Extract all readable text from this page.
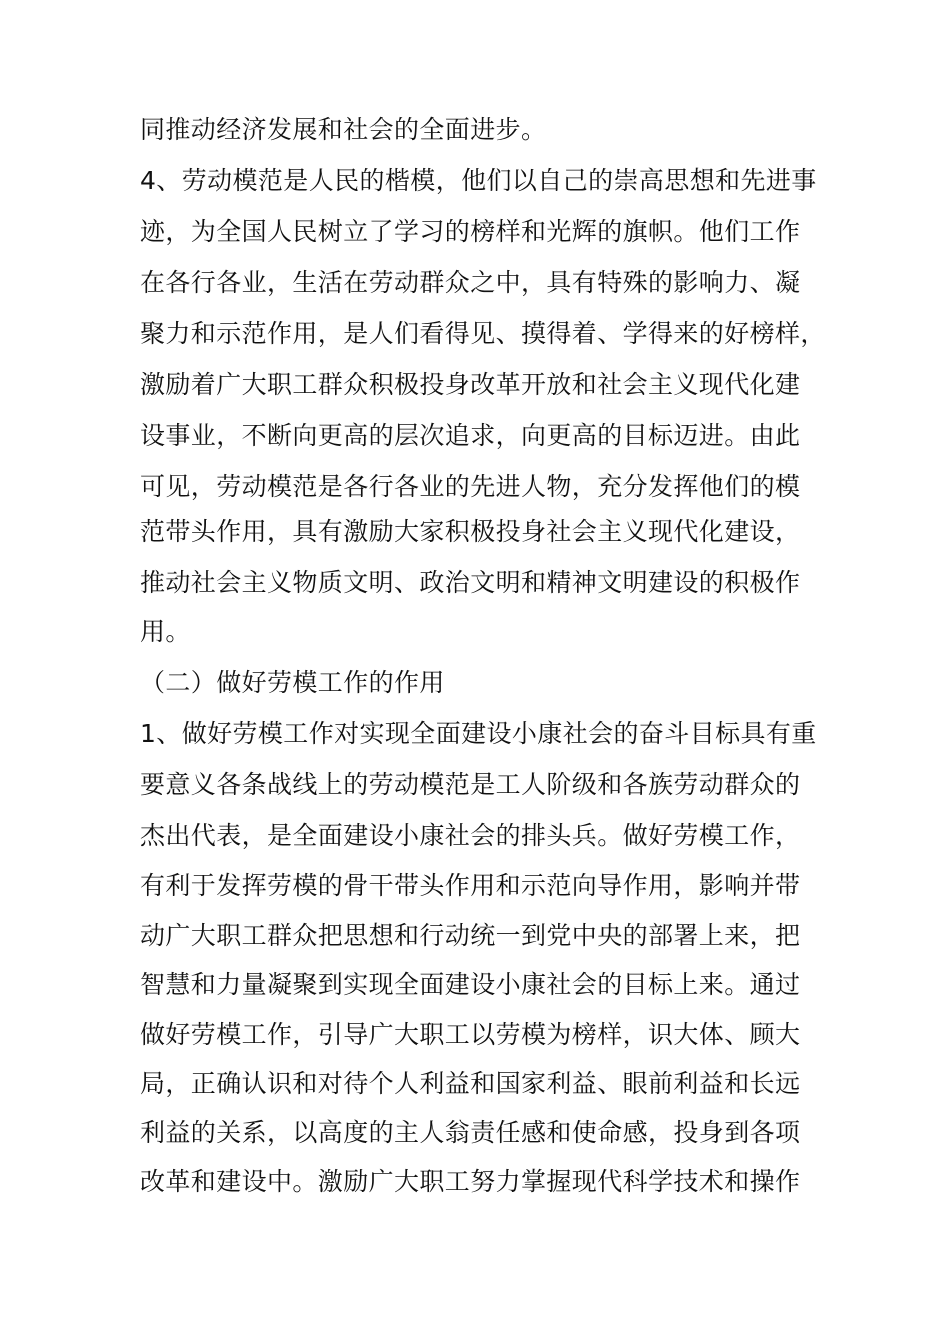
同推动经济发展和社会的全面进步。
4、劳动模范是人民的楷模，他们以自己的崇高思想和先进事
迹，为全国人民树立了学习的榜样和光辉的旗帜。他们工作
在各行各业，生活在劳动群众之中，具有特殊的影响力、凝
聚力和示范作用，是人们看得见、摸得着、学得来的好榜样，
激励着广大职工群众积极投身改革开放和社会主义现代化建
设事业，不断向更高的层次追求，向更高的目标迈进。由此
可见，劳动模范是各行各业的先进人物，充分发挥他们的模
范带头作用，具有激励大家积极投身社会主义现代化建设，
推动社会主义物质文明、政治文明和精神文明建设的积极作
用。
（二）做好劳模工作的作用
1、做好劳模工作对实现全面建设小康社会的奋斗目标具有重
要意义各条战线上的劳动模范是工人阶级和各族劳动群众的
杰出代表，是全面建设小康社会的排头兵。做好劳模工作，
有利于发挥劳模的骨干带头作用和示范向导作用，影响并带
动广大职工群众把思想和行动统一到党中央的部署上来，把
智慧和力量凝聚到实现全面建设小康社会的目标上来。通过
做好劳模工作，引导广大职工以劳模为榜样，识大体、顾大
局，正确认识和对待个人利益和国家利益、眼前利益和长远
利益的关系，以高度的主人翁责任感和使命感，投身到各项
改革和建设中。激励广大职工努力掌握现代科学技术和操作
